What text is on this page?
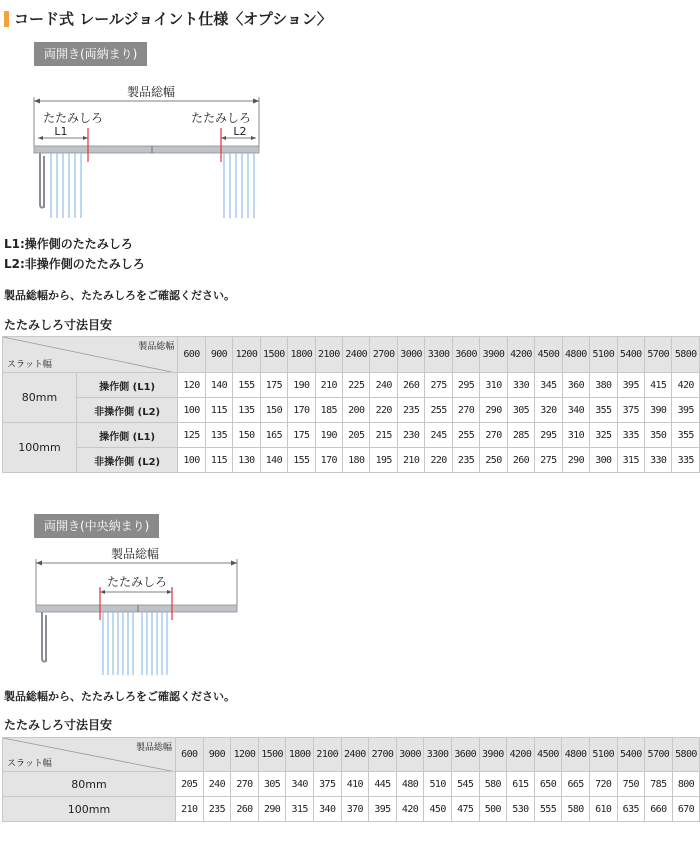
コード式 レールジョイント仕様〈オプション〉
両開き(両納まり)
製品総幅
たたみしろ
L1
たたみしろ
L2
L1:操作側のたたみしろ
L2:非操作側のたたみしろ
製品総幅から、たたみしろをご確認ください。
たたみしろ寸法目安
製品総幅
スラット幅		600	900	1200	1500	1800	2100	2400	2700	3000	3300	3600	3900	4200	4500	4800	5100	5400	5700	5800
80mm	操作側 (L1)	120	140	155	175	190	210	225	240	260	275	295	310	330	345	360	380	395	415	420
	非操作側 (L2)	100	115	135	150	170	185	200	220	235	255	270	290	305	320	340	355	375	390	395
100mm	操作側 (L1)	125	135	150	165	175	190	205	215	230	245	255	270	285	295	310	325	335	350	355
	非操作側 (L2)	100	115	130	140	155	170	180	195	210	220	235	250	260	275	290	300	315	330	335
両開き(中央納まり)
製品総幅
たたみしろ
製品総幅から、たたみしろをご確認ください。
たたみしろ寸法目安
製品総幅
スラット幅	600	900	1200	1500	1800	2100	2400	2700	3000	3300	3600	3900	4200	4500	4800	5100	5400	5700	5800
80mm	205	240	270	305	340	375	410	445	480	510	545	580	615	650	665	720	750	785	800
100mm	210	235	260	290	315	340	370	395	420	450	475	500	530	555	580	610	635	660	670
